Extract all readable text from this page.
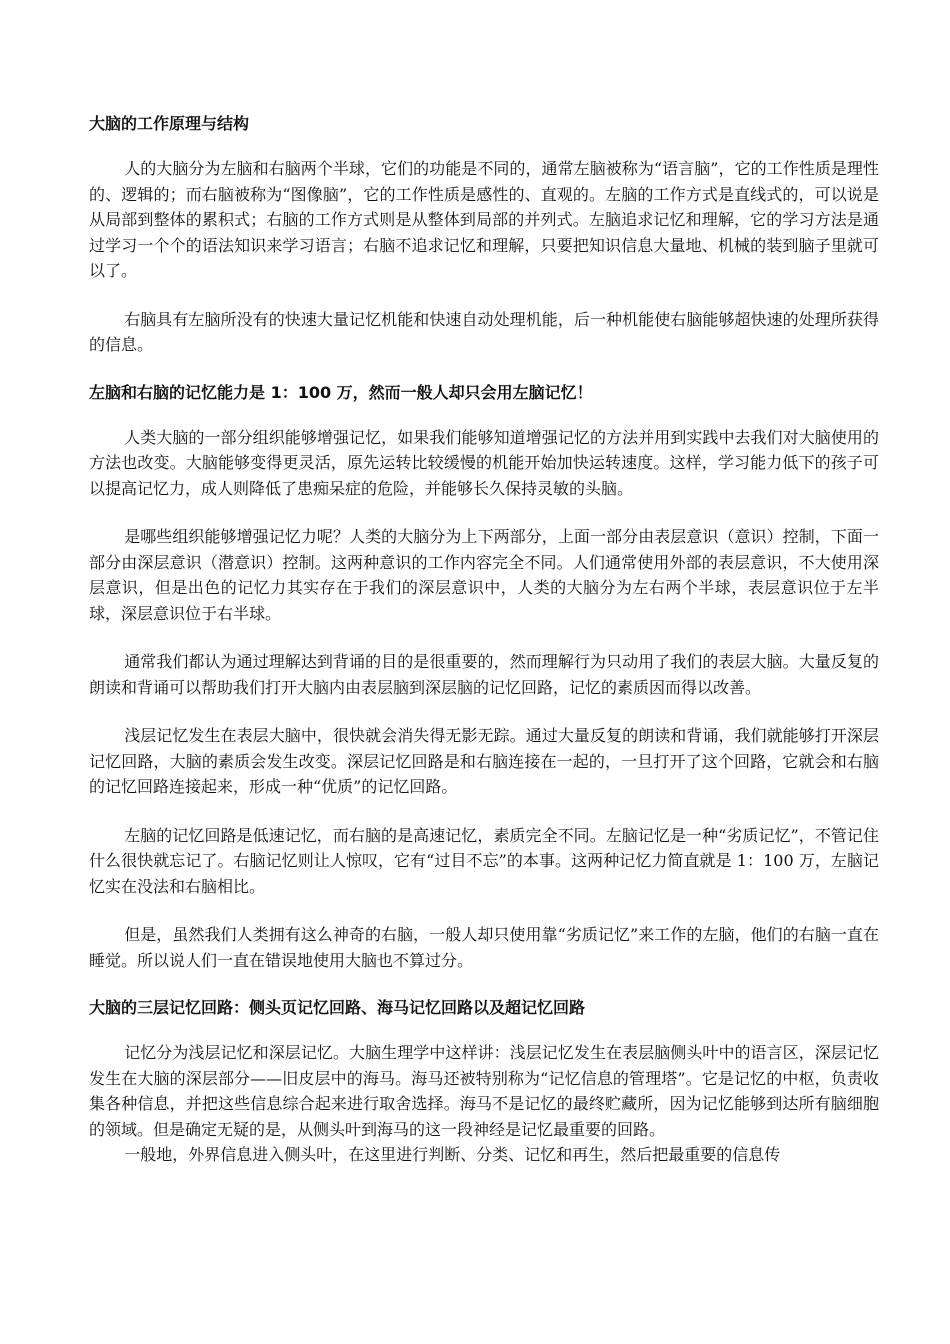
大脑的工作原理与结构

人的大脑分为左脑和右脑两个半球，它们的功能是不同的，通常左脑被称为“语言脑”，它的工作性质是理性的、逻辑的；而右脑被称为“图像脑”，它的工作性质是感性的、直观的。左脑的工作方式是直线式的，可以说是从局部到整体的累积式；右脑的工作方式则是从整体到局部的并列式。左脑追求记忆和理解，它的学习方法是通过学习一个个的语法知识来学习语言；右脑不追求记忆和理解，只要把知识信息大量地、机械的装到脑子里就可以了。

右脑具有左脑所没有的快速大量记忆机能和快速自动处理机能，后一种机能使右脑能够超快速的处理所获得的信息。

左脑和右脑的记忆能力是 1：100 万，然而一般人却只会用左脑记忆！

人类大脑的一部分组织能够增强记忆，如果我们能够知道增强记忆的方法并用到实践中去我们对大脑使用的方法也改变。大脑能够变得更灵活，原先运转比较缓慢的机能开始加快运转速度。这样，学习能力低下的孩子可以提高记忆力，成人则降低了患痴呆症的危险，并能够长久保持灵敏的头脑。

是哪些组织能够增强记忆力呢？人类的大脑分为上下两部分，上面一部分由表层意识（意识）控制，下面一部分由深层意识（潜意识）控制。这两种意识的工作内容完全不同。人们通常使用外部的表层意识，不大使用深层意识，但是出色的记忆力其实存在于我们的深层意识中，人类的大脑分为左右两个半球，表层意识位于左半球，深层意识位于右半球。

通常我们都认为通过理解达到背诵的目的是很重要的，然而理解行为只动用了我们的表层大脑。大量反复的朗读和背诵可以帮助我们打开大脑内由表层脑到深层脑的记忆回路，记忆的素质因而得以改善。

浅层记忆发生在表层大脑中，很快就会消失得无影无踪。通过大量反复的朗读和背诵，我们就能够打开深层记忆回路，大脑的素质会发生改变。深层记忆回路是和右脑连接在一起的，一旦打开了这个回路，它就会和右脑的记忆回路连接起来，形成一种“优质”的记忆回路。

左脑的记忆回路是低速记忆，而右脑的是高速记忆，素质完全不同。左脑记忆是一种“劣质记忆”，不管记住什么很快就忘记了。右脑记忆则让人惊叹，它有“过目不忘”的本事。这两种记忆力简直就是 1：100 万，左脑记忆实在没法和右脑相比。

但是，虽然我们人类拥有这么神奇的右脑，一般人却只使用靠“劣质记忆”来工作的左脑，他们的右脑一直在睡觉。所以说人们一直在错误地使用大脑也不算过分。

大脑的三层记忆回路：侧头页记忆回路、海马记忆回路以及超记忆回路

记忆分为浅层记忆和深层记忆。大脑生理学中这样讲：浅层记忆发生在表层脑侧头叶中的语言区，深层记忆发生在大脑的深层部分——旧皮层中的海马。海马还被特别称为“记忆信息的管理塔”。它是记忆的中枢，负责收集各种信息，并把这些信息综合起来进行取舍选择。海马不是记忆的最终贮藏所，因为记忆能够到达所有脑细胞的领域。但是确定无疑的是，从侧头叶到海马的这一段神经是记忆最重要的回路。

一般地，外界信息进入侧头叶，在这里进行判断、分类、记忆和再生，然后把最重要的信息传
